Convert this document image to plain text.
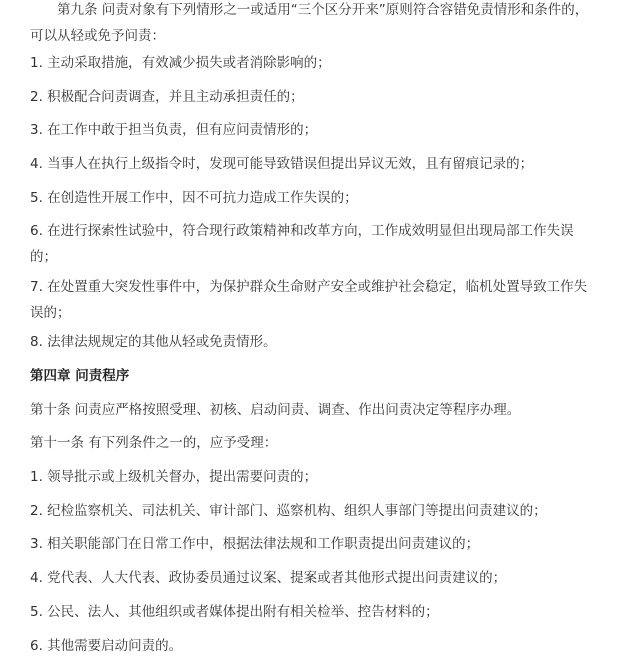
第九条 问责对象有下列情形之一或适用“三个区分开来”原则符合容错免责情形和条件的，可以从轻或免予问责：

1. 主动采取措施，有效减少损失或者消除影响的；

2. 积极配合问责调查，并且主动承担责任的；

3. 在工作中敢于担当负责，但有应问责情形的；

4. 当事人在执行上级指令时，发现可能导致错误但提出异议无效，且有留痕记录的；

5. 在创造性开展工作中，因不可抗力造成工作失误的；

6. 在进行探索性试验中，符合现行政策精神和改革方向，工作成效明显但出现局部工作失误的；

7. 在处置重大突发性事件中，为保护群众生命财产安全或维护社会稳定，临机处置导致工作失误的；

8. 法律法规规定的其他从轻或免责情形。

第四章 问责程序

第十条 问责应严格按照受理、初核、启动问责、调查、作出问责决定等程序办理。

第十一条 有下列条件之一的，应予受理：

1. 领导批示或上级机关督办，提出需要问责的；

2. 纪检监察机关、司法机关、审计部门、巡察机构、组织人事部门等提出问责建议的；

3. 相关职能部门在日常工作中，根据法律法规和工作职责提出问责建议的；

4. 党代表、人大代表、政协委员通过议案、提案或者其他形式提出问责建议的；

5. 公民、法人、其他组织或者媒体提出附有相关检举、控告材料的；

6. 其他需要启动问责的。
